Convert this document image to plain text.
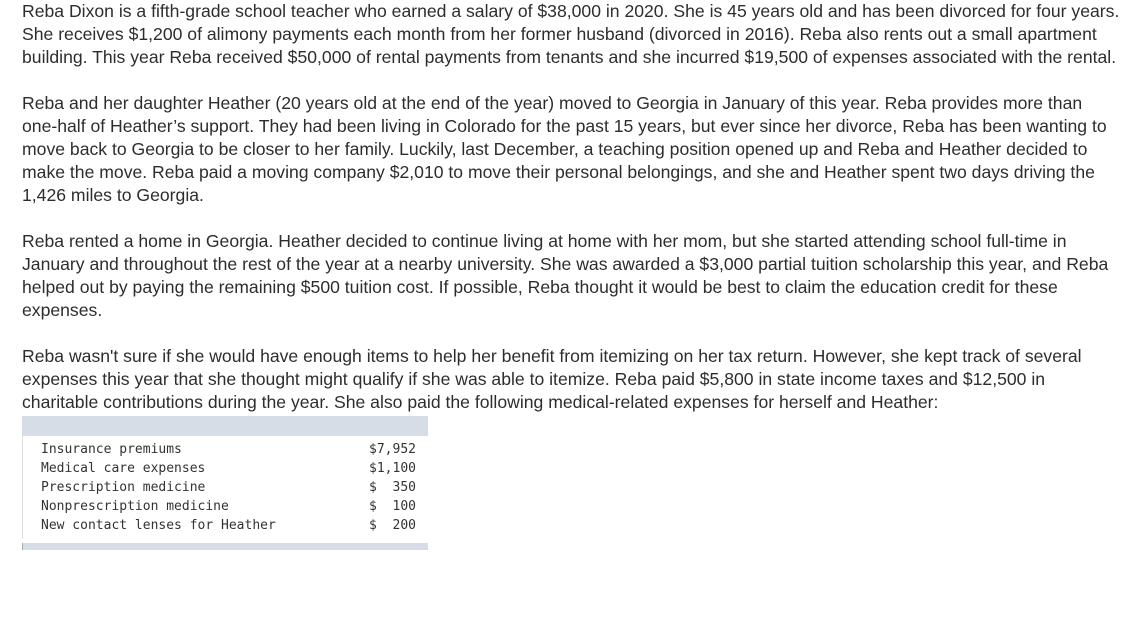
Reba Dixon is a fifth-grade school teacher who earned a salary of $38,000 in 2020. She is 45 years old and has been divorced for four years. She receives $1,200 of alimony payments each month from her former husband (divorced in 2016). Reba also rents out a small apartment building. This year Reba received $50,000 of rental payments from tenants and she incurred $19,500 of expenses associated with the rental.

Reba and her daughter Heather (20 years old at the end of the year) moved to Georgia in January of this year. Reba provides more than one-half of Heather’s support. They had been living in Colorado for the past 15 years, but ever since her divorce, Reba has been wanting to move back to Georgia to be closer to her family. Luckily, last December, a teaching position opened up and Reba and Heather decided to make the move. Reba paid a moving company $2,010 to move their personal belongings, and she and Heather spent two days driving the 1,426 miles to Georgia.

Reba rented a home in Georgia. Heather decided to continue living at home with her mom, but she started attending school full-time in January and throughout the rest of the year at a nearby university. She was awarded a $3,000 partial tuition scholarship this year, and Reba helped out by paying the remaining $500 tuition cost. If possible, Reba thought it would be best to claim the education credit for these expenses.

Reba wasn't sure if she would have enough items to help her benefit from itemizing on her tax return. However, she kept track of several expenses this year that she thought might qualify if she was able to itemize. Reba paid $5,800 in state income taxes and $12,500 in charitable contributions during the year. She also paid the following medical-related expenses for herself and Heather:

Insurance premiums	$7,952
Medical care expenses	$1,100
Prescription medicine	$  350
Nonprescription medicine	$  100
New contact lenses for Heather	$  200
